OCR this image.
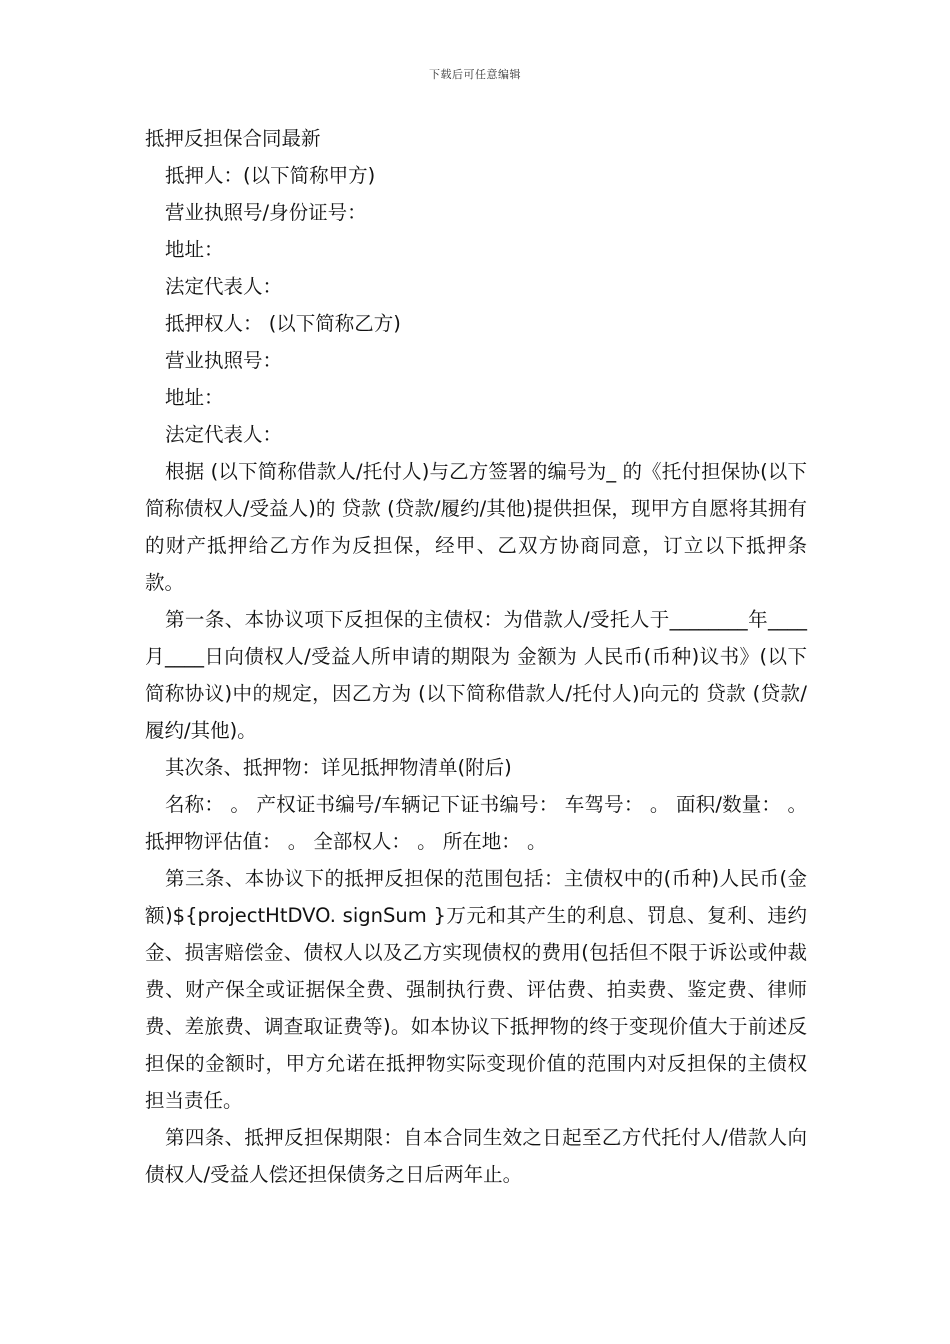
下载后可任意编辑
抵押反担保合同最新

抵押人：(以下简称甲方)

营业执照号/身份证号：

地址：

法定代表人：

抵押权人： (以下简称乙方)

营业执照号：

地址：

法定代表人：

根据 (以下简称借款人/托付人)与乙方签署的编号为_ 的《托付担保协(以下简称债权人/受益人)的 贷款 (贷款/履约/其他)提供担保，现甲方自愿将其拥有的财产抵押给乙方作为反担保，经甲、乙双方协商同意，订立以下抵押条款。

第一条、本协议项下反担保的主债权：为借款人/受托人于________年____月____日向债权人/受益人所申请的期限为 金额为 人民币(币种)议书》(以下简称协议)中的规定，因乙方为 (以下简称借款人/托付人)向元的 贷款 (贷款/履约/其他)。

其次条、抵押物：详见抵押物清单(附后)

名称： 。 产权证书编号/车辆记下证书编号： 车驾号： 。 面积/数量： 。 抵押物评估值： 。 全部权人： 。 所在地： 。

第三条、本协议下的抵押反担保的范围包括：主债权中的(币种)人民币(金额)${projectHtDVO. signSum }万元和其产生的利息、罚息、复利、违约金、损害赔偿金、债权人以及乙方实现债权的费用(包括但不限于诉讼或仲裁费、财产保全或证据保全费、强制执行费、评估费、拍卖费、鉴定费、律师费、差旅费、调查取证费等)。如本协议下抵押物的终于变现价值大于前述反担保的金额时，甲方允诺在抵押物实际变现价值的范围内对反担保的主债权担当责任。

第四条、抵押反担保期限：自本合同生效之日起至乙方代托付人/借款人向债权人/受益人偿还担保债务之日后两年止。
